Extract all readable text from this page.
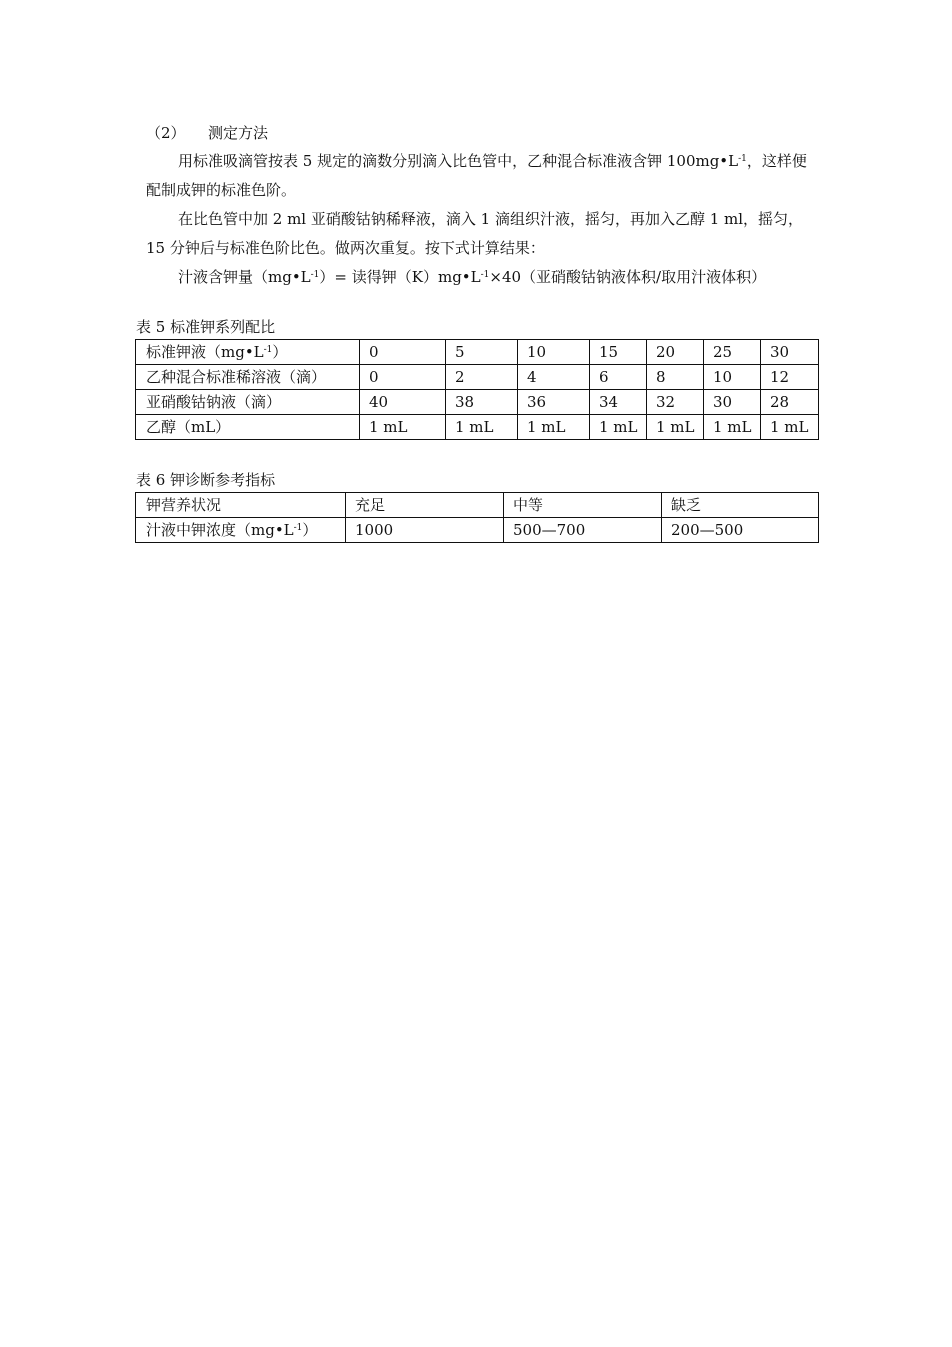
（2） 测定方法
用标准吸滴管按表 5 规定的滴数分别滴入比色管中，乙种混合标准液含钾 $100mg•L^{-1}$，这样便配制成钾的标准色阶。
在比色管中加 2 ml 亚硝酸钴钠稀释液，滴入 1 滴组织汁液，摇匀，再加入乙醇 1 ml，摇匀，15 分钟后与标准色阶比色。做两次重复。按下式计算结果：
汁液含钾量$(mg•L^{-1})=$ 读得钾$(K)mg•L^{-1}\times 40$（亚硝酸钴钠液体积/取用汁液体积）
表 5 标准钾系列配比
标准钾液$(mg•L^{-1})$	0	5	10	15	20	25	30
乙种混合标准稀溶液（滴）	0	2	4	6	8	10	12
亚硝酸钴钠液（滴）	40	38	36	34	32	30	28
乙醇（mL）	1 mL	1 mL	1 mL	1 mL	1 mL	1 mL	1 mL
表 6 钾诊断参考指标
钾营养状况	充足	中等	缺乏
汁液中钾浓度$(mg•L^{-1})$	1000	500—700	200—500
